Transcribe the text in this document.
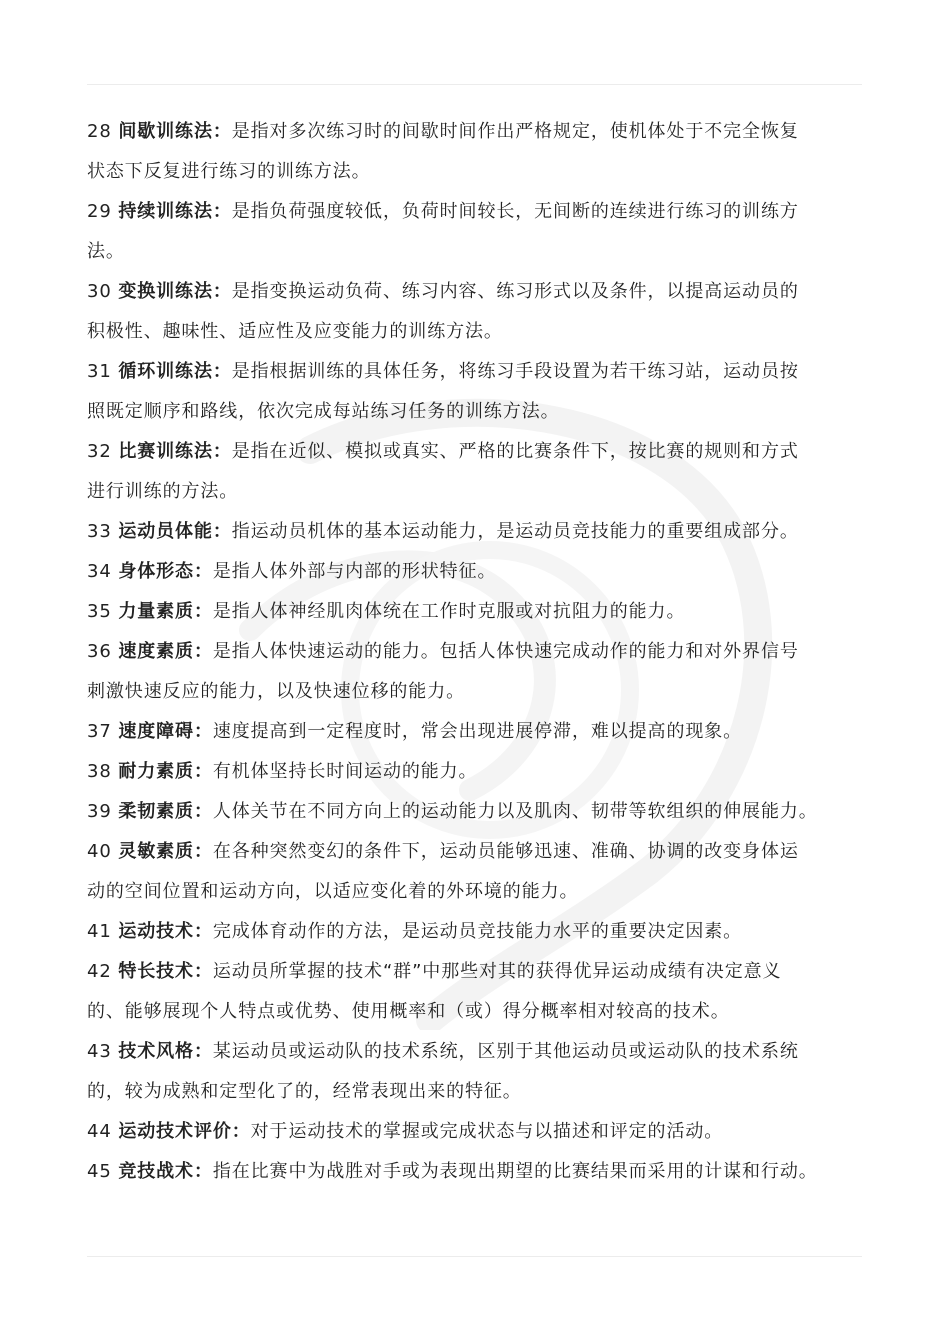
28 间歇训练法：是指对多次练习时的间歇时间作出严格规定，使机体处于不完全恢复
状态下反复进行练习的训练方法。
29 持续训练法：是指负荷强度较低，负荷时间较长，无间断的连续进行练习的训练方
法。
30 变换训练法：是指变换运动负荷、练习内容、练习形式以及条件，以提高运动员的
积极性、趣味性、适应性及应变能力的训练方法。
31 循环训练法：是指根据训练的具体任务，将练习手段设置为若干练习站，运动员按
照既定顺序和路线，依次完成每站练习任务的训练方法。
32 比赛训练法：是指在近似、模拟或真实、严格的比赛条件下，按比赛的规则和方式
进行训练的方法。
33 运动员体能：指运动员机体的基本运动能力，是运动员竞技能力的重要组成部分。
34 身体形态：是指人体外部与内部的形状特征。
35 力量素质：是指人体神经肌肉体统在工作时克服或对抗阻力的能力。
36 速度素质：是指人体快速运动的能力。包括人体快速完成动作的能力和对外界信号
刺激快速反应的能力，以及快速位移的能力。
37 速度障碍：速度提高到一定程度时，常会出现进展停滞，难以提高的现象。
38 耐力素质：有机体坚持长时间运动的能力。
39 柔韧素质：人体关节在不同方向上的运动能力以及肌肉、韧带等软组织的伸展能力。
40 灵敏素质：在各种突然变幻的条件下，运动员能够迅速、准确、协调的改变身体运
动的空间位置和运动方向，以适应变化着的外环境的能力。
41 运动技术：完成体育动作的方法，是运动员竞技能力水平的重要决定因素。
42 特长技术：运动员所掌握的技术“群”中那些对其的获得优异运动成绩有决定意义
的、能够展现个人特点或优势、使用概率和（或）得分概率相对较高的技术。
43 技术风格：某运动员或运动队的技术系统，区别于其他运动员或运动队的技术系统
的，较为成熟和定型化了的，经常表现出来的特征。
44 运动技术评价：对于运动技术的掌握或完成状态与以描述和评定的活动。
45 竞技战术：指在比赛中为战胜对手或为表现出期望的比赛结果而采用的计谋和行动。
